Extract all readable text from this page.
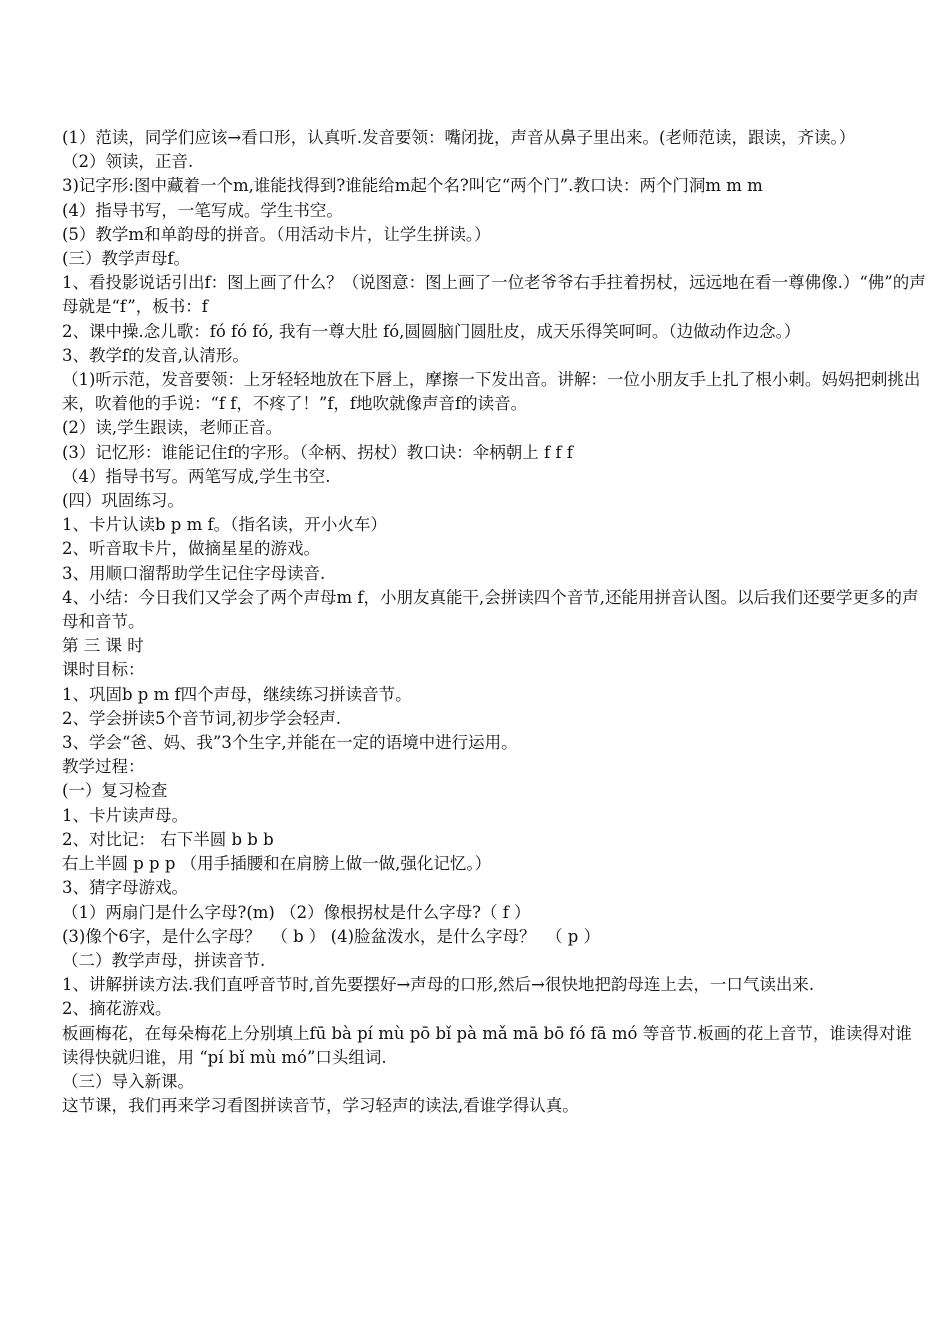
(1）范读，同学们应该→看口形，认真听.发音要领：嘴闭拢，声音从鼻子里出来。(老师范读，跟读，齐读。）

（2）领读，正音.

3)记字形:图中藏着一个m,谁能找得到?谁能给m起个名?叫它“两个门”.教口诀：两个门洞m m m

(4）指导书写，一笔写成。学生书空。

(5）教学m和单韵母的拼音。（用活动卡片，让学生拼读。）

(三）教学声母f。

1、看投影说话引出f：图上画了什么？（说图意：图上画了一位老爷爷右手拄着拐杖，远远地在看一尊佛像.）“佛”的声母就是“f”，板书：f

2、课中操.念儿歌：fó fó fó, 我有一尊大肚 fó,圆圆脑门圆肚皮，成天乐得笑呵呵。（边做动作边念。）

3、教学f的发音,认清形。

（1)听示范，发音要领：上牙轻轻地放在下唇上，摩擦一下发出音。讲解：一位小朋友手上扎了根小刺。妈妈把刺挑出来，吹着他的手说：“f f，不疼了！”f，f地吹就像声音f的读音。

(2）读,学生跟读，老师正音。

(3）记忆形：谁能记住f的字形。（伞柄、拐杖）教口诀：伞柄朝上 f f f

（4）指导书写。两笔写成,学生书空.

(四）巩固练习。

1、卡片认读b p m f。（指名读，开小火车）

2、听音取卡片，做摘星星的游戏。

3、用顺口溜帮助学生记住字母读音.

4、小结：今日我们又学会了两个声母m f，小朋友真能干,会拼读四个音节,还能用拼音认图。以后我们还要学更多的声母和音节。

第 三 课 时

课时目标：

1、巩固b p m f四个声母，继续练习拼读音节。

2、学会拼读5个音节词,初步学会轻声.

3、学会“爸、妈、我”3个生字,并能在一定的语境中进行运用。

教学过程：

(一）复习检查

1、卡片读声母。

2、对比记： 右下半圆 b b b

右上半圆 p p p （用手插腰和在肩膀上做一做,强化记忆。）

3、猜字母游戏。

（1）两扇门是什么字母?(m) （2）像根拐杖是什么字母?（ f ）

(3)像个6字，是什么字母？  （ b ） (4)脸盆泼水，是什么字母？  （ p ）

（二）教学声母，拼读音节.

1、讲解拼读方法.我们直呼音节时,首先要摆好→声母的口形,然后→很快地把韵母连上去，一口气读出来.

2、摘花游戏。

板画梅花，在每朵梅花上分别填上fū bà pí mù pō bǐ pà mǎ mā bō fó fā mó 等音节.板画的花上音节，谁读得对谁读得快就归谁，用 “pí bǐ mù mó”口头组词.

（三）导入新课。

这节课，我们再来学习看图拼读音节，学习轻声的读法,看谁学得认真。
